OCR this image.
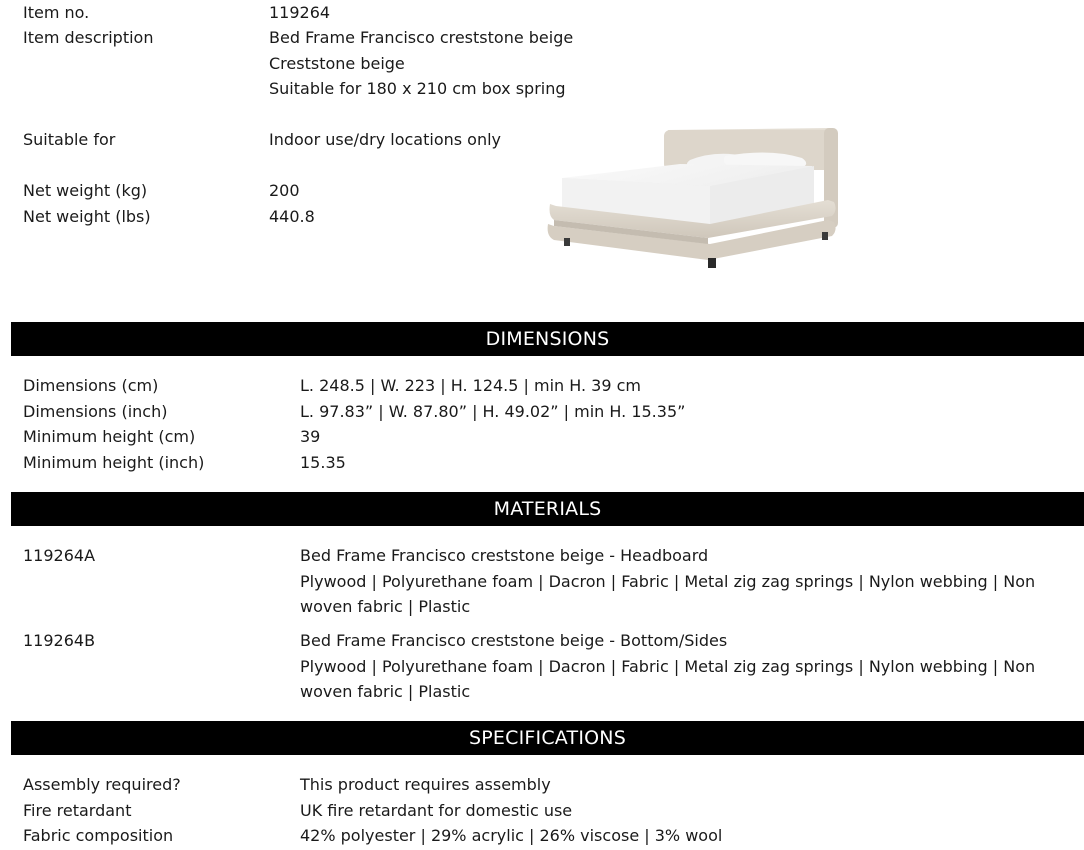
Item no.	119264
Item description	Bed Frame Francisco creststone beige
Creststone beige
Suitable for 180 x 210 cm box spring
Suitable for	Indoor use/dry locations only
Net weight (kg)	200
Net weight (lbs)	440.8
DIMENSIONS
Dimensions (cm)	L. 248.5 | W. 223 | H. 124.5 | min H. 39 cm
Dimensions (inch)	L. 97.83” | W. 87.80” | H. 49.02” | min H. 15.35”
Minimum height (cm)	39
Minimum height (inch)	15.35
MATERIALS
119264A	Bed Frame Francisco creststone beige - Headboard
Plywood | Polyurethane foam | Dacron | Fabric | Metal zig zag springs | Nylon webbing | Non woven fabric | Plastic
119264B	Bed Frame Francisco creststone beige - Bottom/Sides
Plywood | Polyurethane foam | Dacron | Fabric | Metal zig zag springs | Nylon webbing | Non woven fabric | Plastic
SPECIFICATIONS
Assembly required?	This product requires assembly
Fire retardant	UK fire retardant for domestic use
Fabric composition	42% polyester | 29% acrylic | 26% viscose | 3% wool
